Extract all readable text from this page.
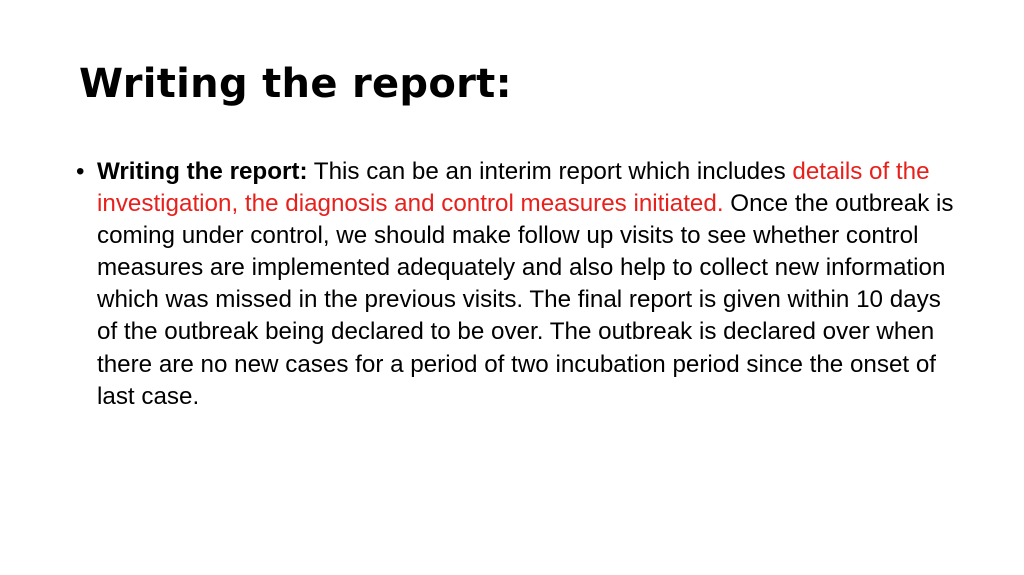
Writing the report:
• Writing the report: This can be an interim report which includes details of the investigation, the diagnosis and control measures initiated. Once the outbreak is coming under control, we should make follow up visits to see whether control measures are implemented adequately and also help to collect new information which was missed in the previous visits. The final report is given within 10 days of the outbreak being declared to be over. The outbreak is declared over when there are no new cases for a period of two incubation period since the onset of last case.
